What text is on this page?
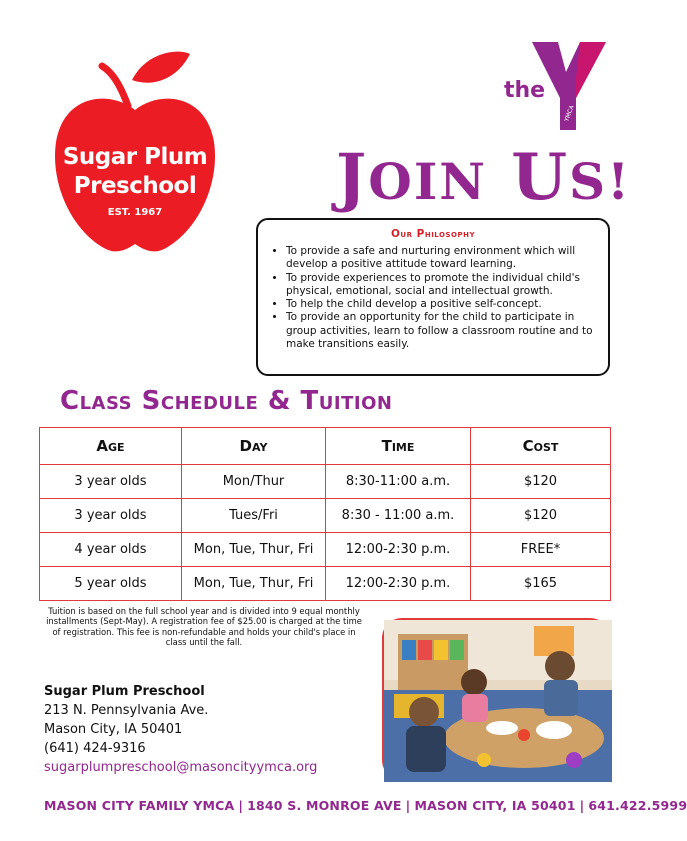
Sugar Plum
Preschool
EST. 1967
the
YMCA
JOIN US!
Our Philosophy
• To provide a safe and nurturing environment which will develop a positive attitude toward learning.
• To provide experiences to promote the individual child's physical, emotional, social and intellectual growth.
• To help the child develop a positive self-concept.
• To provide an opportunity for the child to participate in group activities, learn to follow a classroom routine and to make transitions easily.
Class Schedule & Tuition
Age	Day	Time	Cost
3 year olds	Mon/Thur	8:30-11:00 a.m.	$120
3 year olds	Tues/Fri	8:30 - 11:00 a.m.	$120
4 year olds	Mon, Tue, Thur, Fri	12:00-2:30 p.m.	FREE*
5 year olds	Mon, Tue, Thur, Fri	12:00-2:30 p.m.	$165
Tuition is based on the full school year and is divided into 9 equal monthly installments (Sept-May). A registration fee of $25.00 is charged at the time of registration. This fee is non-refundable and holds your child's place in class until the fall.
Sugar Plum Preschool
213 N. Pennsylvania Ave.
Mason City, IA 50401
(641) 424-9316
sugarplumpreschool@masoncityymca.org
MASON CITY FAMILY YMCA | 1840 S. MONROE AVE | MASON CITY, IA 50401 | 641.422.5999
